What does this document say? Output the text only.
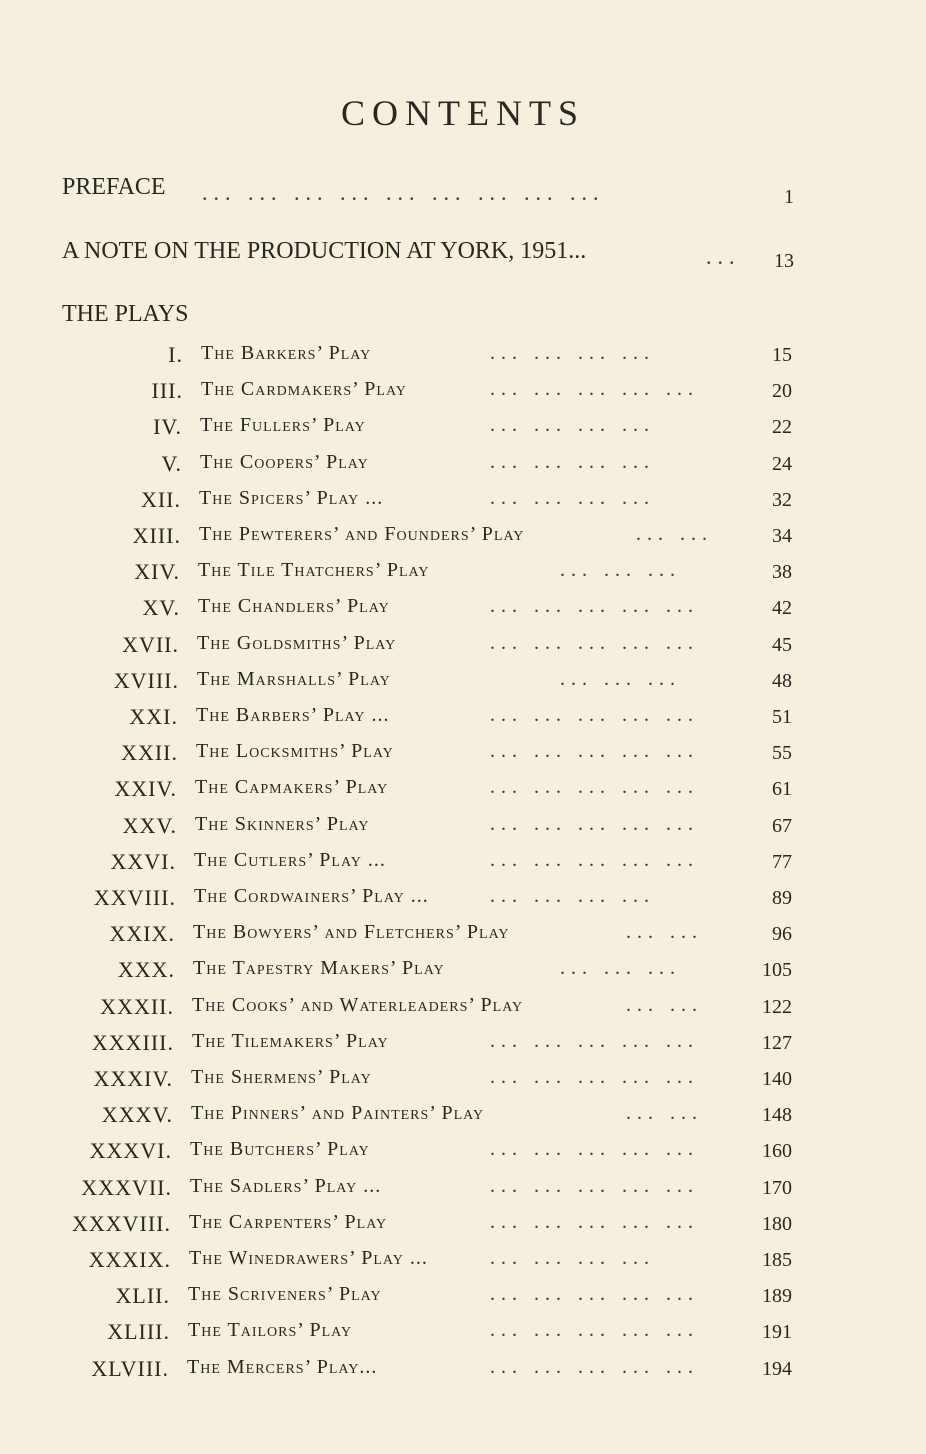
CONTENTS
PREFACE ... ... ... ... ... ... ... ... ...	1
A NOTE ON THE PRODUCTION AT YORK, 1951...	... 13
THE PLAYS
I. The Barkers’ Play	... ... ... ...	15
III. The Cardmakers’ Play	... ... ... ... ...	20
IV. The Fullers’ Play	... ... ... ...	22
V. The Coopers’ Play	... ... ... ...	24
XII. The Spicers’ Play ...	... ... ... ...	32
XIII. The Pewterers’ and Founders’ Play	... ...	34
XIV. The Tile Thatchers’ Play	... ... ...	38
XV. The Chandlers’ Play	... ... ... ... ...	42
XVII. The Goldsmiths’ Play	... ... ... ... ...	45
XVIII. The Marshalls’ Play	... ... ...	48
XXI. The Barbers’ Play ...	... ... ... ... ...	51
XXII. The Locksmiths’ Play	... ... ... ... ...	55
XXIV. The Capmakers’ Play	... ... ... ... ...	61
XXV. The Skinners’ Play	... ... ... ... ...	67
XXVI. The Cutlers’ Play ...	... ... ... ... ...	77
XXVIII. The Cordwainers’ Play ...	... ... ... ...	89
XXIX. The Bowyers’ and Fletchers’ Play	... ...	96
XXX. The Tapestry Makers’ Play	... ... ...	105
XXXII. The Cooks’ and Waterleaders’ Play	... ...	122
XXXIII. The Tilemakers’ Play	... ... ... ... ...	127
XXXIV. The Shermens’ Play	... ... ... ... ...	140
XXXV. The Pinners’ and Painters’ Play	... ...	148
XXXVI. The Butchers’ Play	... ... ... ... ...	160
XXXVII. The Sadlers’ Play ...	... ... ... ... ...	170
XXXVIII. The Carpenters’ Play	... ... ... ... ...	180
XXXIX. The Winedrawers’ Play ...	... ... ... ...	185
XLII. The Scriveners’ Play	... ... ... ... ...	189
XLIII. The Tailors’ Play	... ... ... ... ...	191
XLVIII. The Mercers’ Play...	... ... ... ... ...	194
